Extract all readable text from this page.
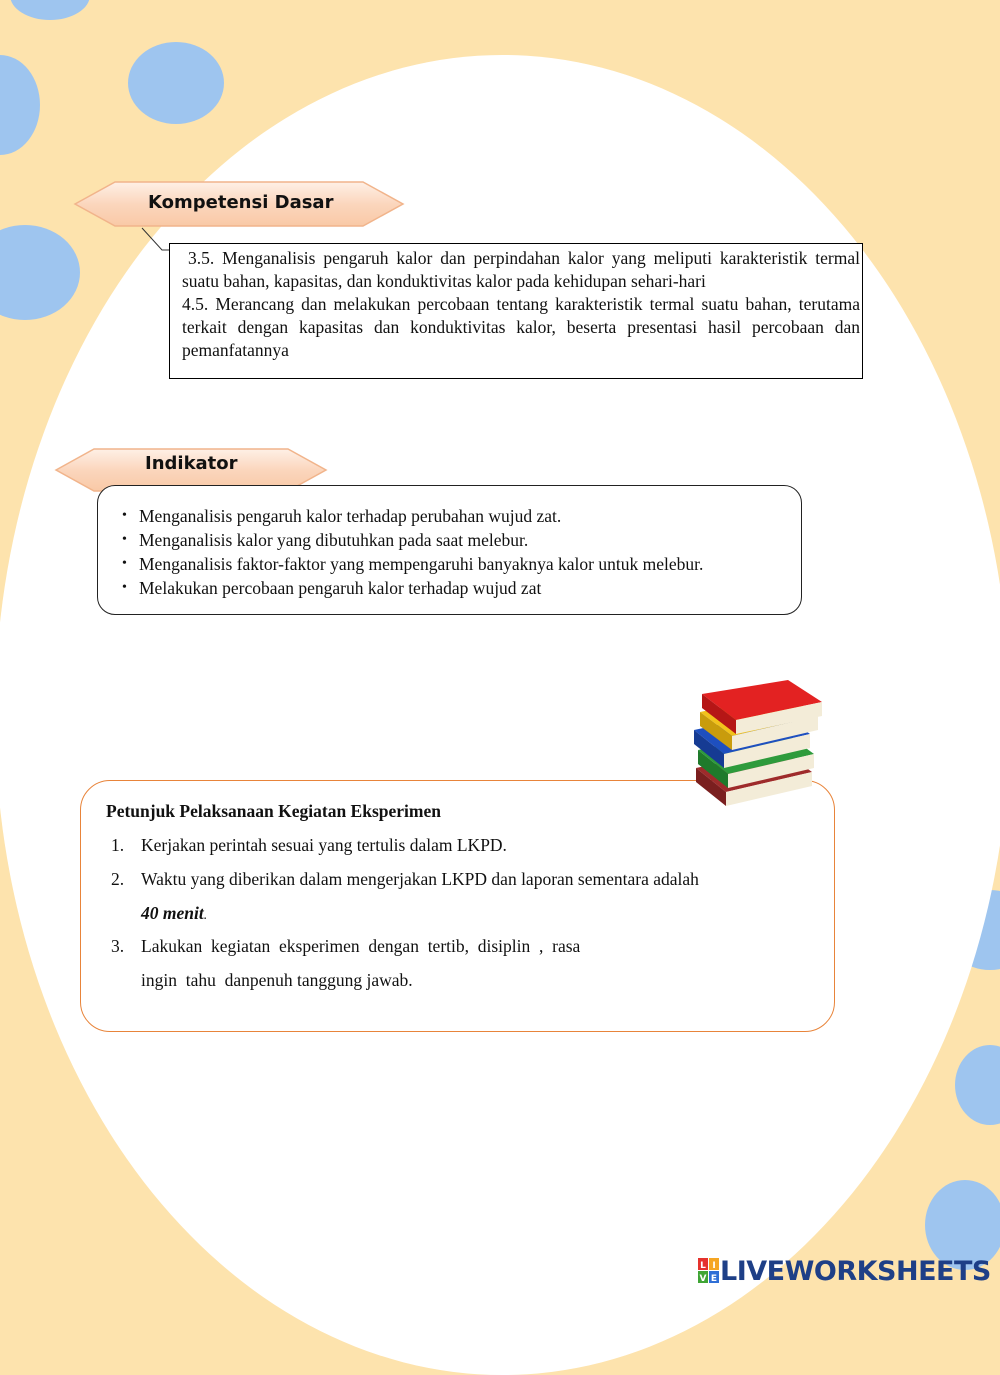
Kompetensi Dasar

3.5. Menganalisis pengaruh kalor dan perpindahan kalor yang meliputi karakteristik termal suatu bahan, kapasitas, dan konduktivitas kalor pada kehidupan sehari-hari

4.5. Merancang dan melakukan percobaan tentang karakteristik termal suatu bahan, terutama terkait dengan kapasitas dan konduktivitas kalor, beserta presentasi hasil percobaan dan pemanfatannya

Indikator
• Menganalisis pengaruh kalor terhadap perubahan wujud zat.
• Menganalisis kalor yang dibutuhkan pada saat melebur.
• Menganalisis faktor-faktor yang mempengaruhi banyaknya kalor untuk melebur.
• Melakukan percobaan pengaruh kalor terhadap wujud zat
Petunjuk Pelaksanaan Kegiatan Eksperimen
1. Kerjakan perintah sesuai yang tertulis dalam LKPD.
2. Waktu yang diberikan dalam mengerjakan LKPD dan laporan sementara adalah
40 menit.
3. Lakukan  kegiatan  eksperimen  dengan  tertib,  disiplin  ,  rasa
ingin  tahu  danpenuh tanggung jawab.
L I
V E LIVEWORKSHEETS
